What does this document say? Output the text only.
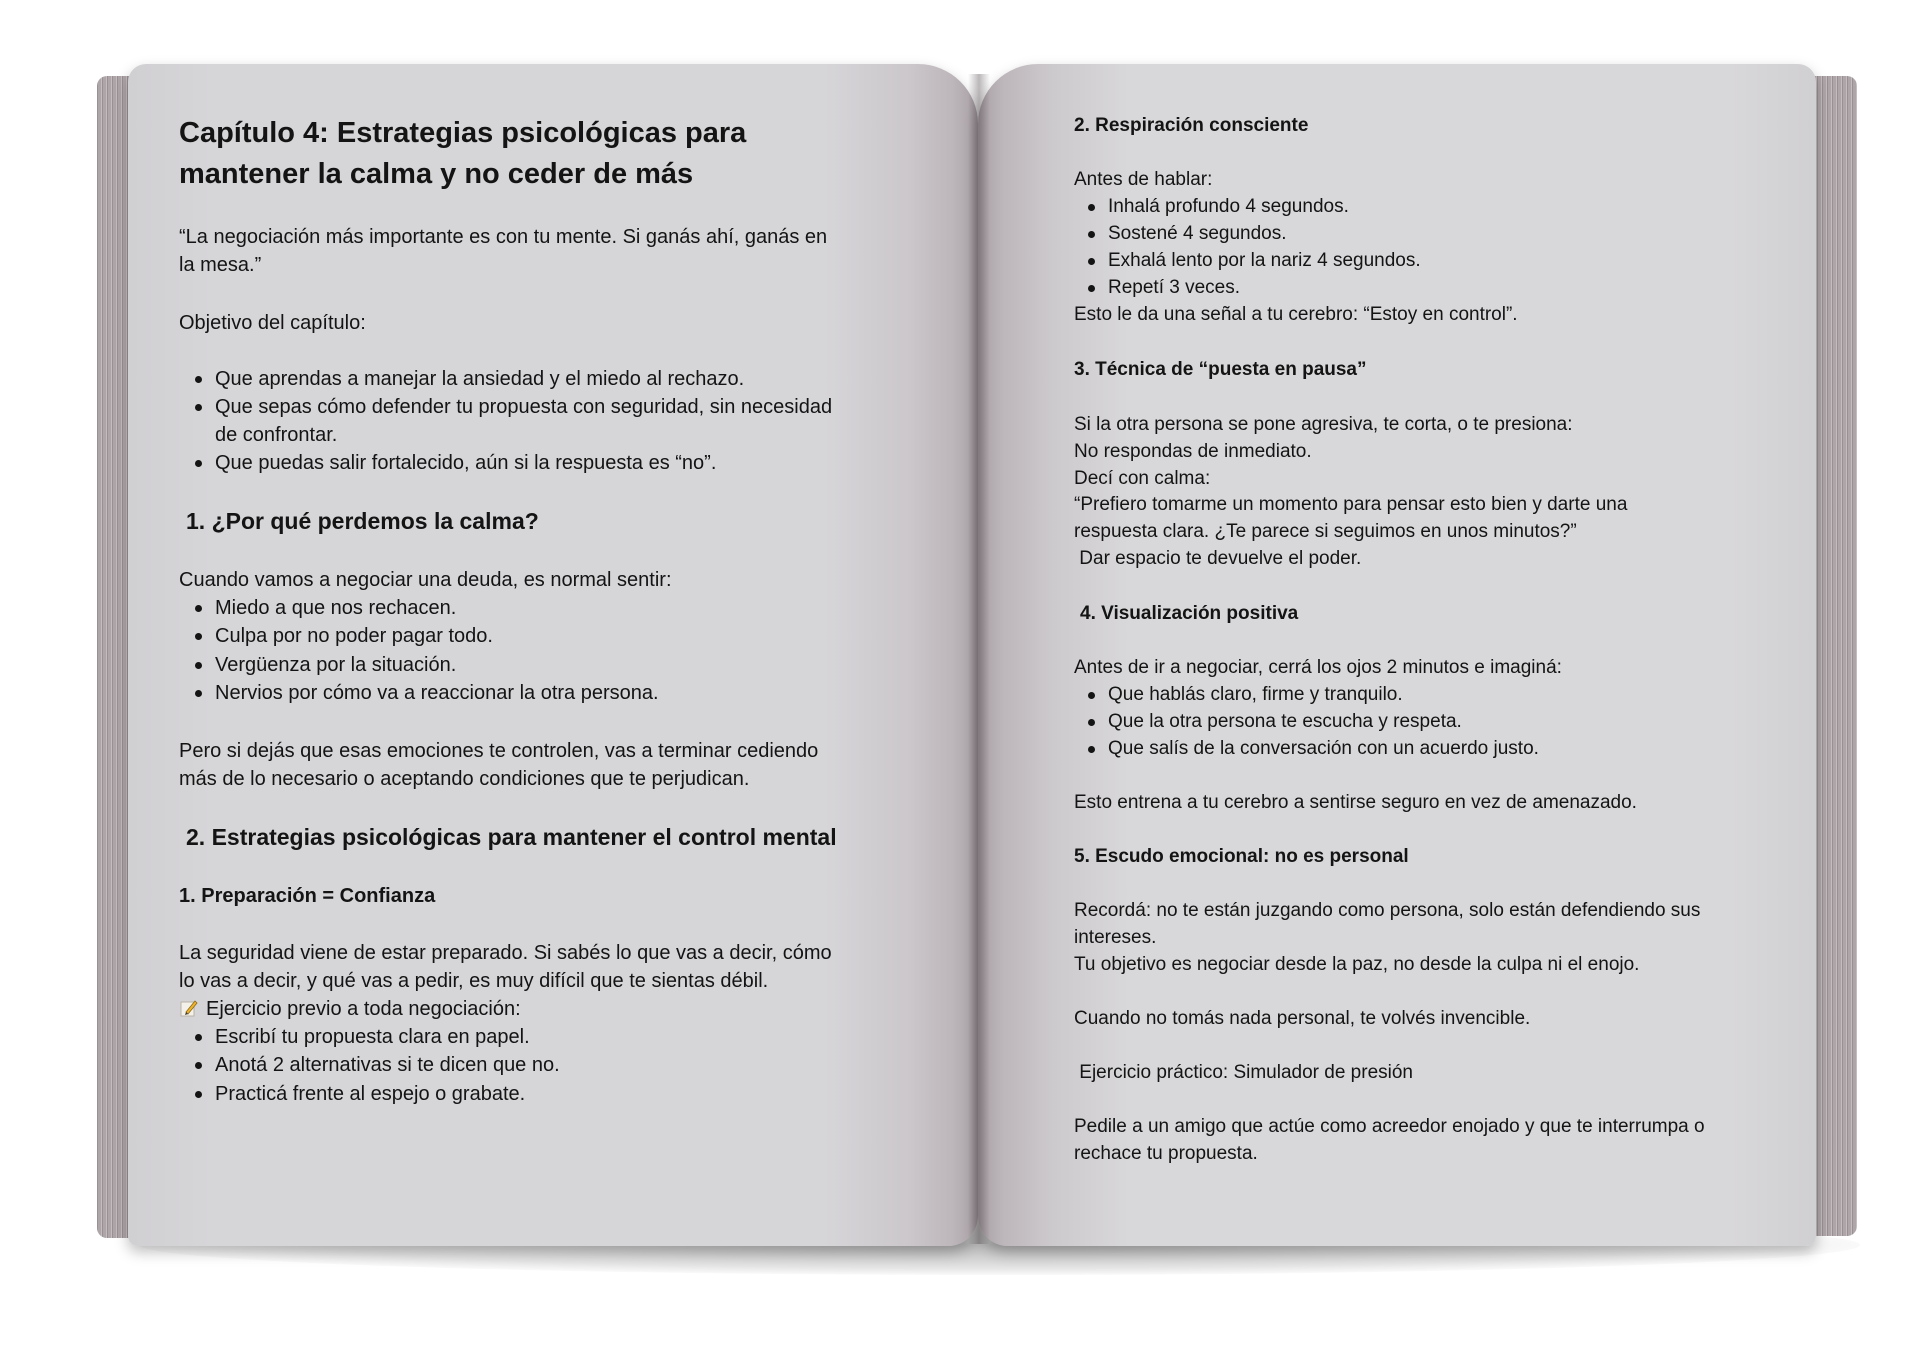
Capítulo 4: Estrategias psicológicas para
mantener la calma y no ceder de más
“La negociación más importante es con tu mente. Si ganás ahí, ganás en
la mesa.”
Objetivo del capítulo:
Que aprendas a manejar la ansiedad y el miedo al rechazo.
Que sepas cómo defender tu propuesta con seguridad, sin necesidad
de confrontar.
Que puedas salir fortalecido, aún si la respuesta es “no”.
1. ¿Por qué perdemos la calma?
Cuando vamos a negociar una deuda, es normal sentir:
Miedo a que nos rechacen.
Culpa por no poder pagar todo.
Vergüenza por la situación.
Nervios por cómo va a reaccionar la otra persona.
Pero si dejás que esas emociones te controlen, vas a terminar cediendo
más de lo necesario o aceptando condiciones que te perjudican.
2. Estrategias psicológicas para mantener el control mental
1. Preparación = Confianza
La seguridad viene de estar preparado. Si sabés lo que vas a decir, cómo
lo vas a decir, y qué vas a pedir, es muy difícil que te sientas débil.
Ejercicio previo a toda negociación:
Escribí tu propuesta clara en papel.
Anotá 2 alternativas si te dicen que no.
Practicá frente al espejo o grabate.
2. Respiración consciente
Antes de hablar:
Inhalá profundo 4 segundos.
Sostené 4 segundos.
Exhalá lento por la nariz 4 segundos.
Repetí 3 veces.
Esto le da una señal a tu cerebro: “Estoy en control”.
3. Técnica de “puesta en pausa”
Si la otra persona se pone agresiva, te corta, o te presiona:
No respondas de inmediato.
Decí con calma:
“Prefiero tomarme un momento para pensar esto bien y darte una
respuesta clara. ¿Te parece si seguimos en unos minutos?”
Dar espacio te devuelve el poder.
4. Visualización positiva
Antes de ir a negociar, cerrá los ojos 2 minutos e imaginá:
Que hablás claro, firme y tranquilo.
Que la otra persona te escucha y respeta.
Que salís de la conversación con un acuerdo justo.
Esto entrena a tu cerebro a sentirse seguro en vez de amenazado.
5. Escudo emocional: no es personal
Recordá: no te están juzgando como persona, solo están defendiendo sus
intereses.
Tu objetivo es negociar desde la paz, no desde la culpa ni el enojo.
Cuando no tomás nada personal, te volvés invencible.
Ejercicio práctico: Simulador de presión
Pedile a un amigo que actúe como acreedor enojado y que te interrumpa o
rechace tu propuesta.
